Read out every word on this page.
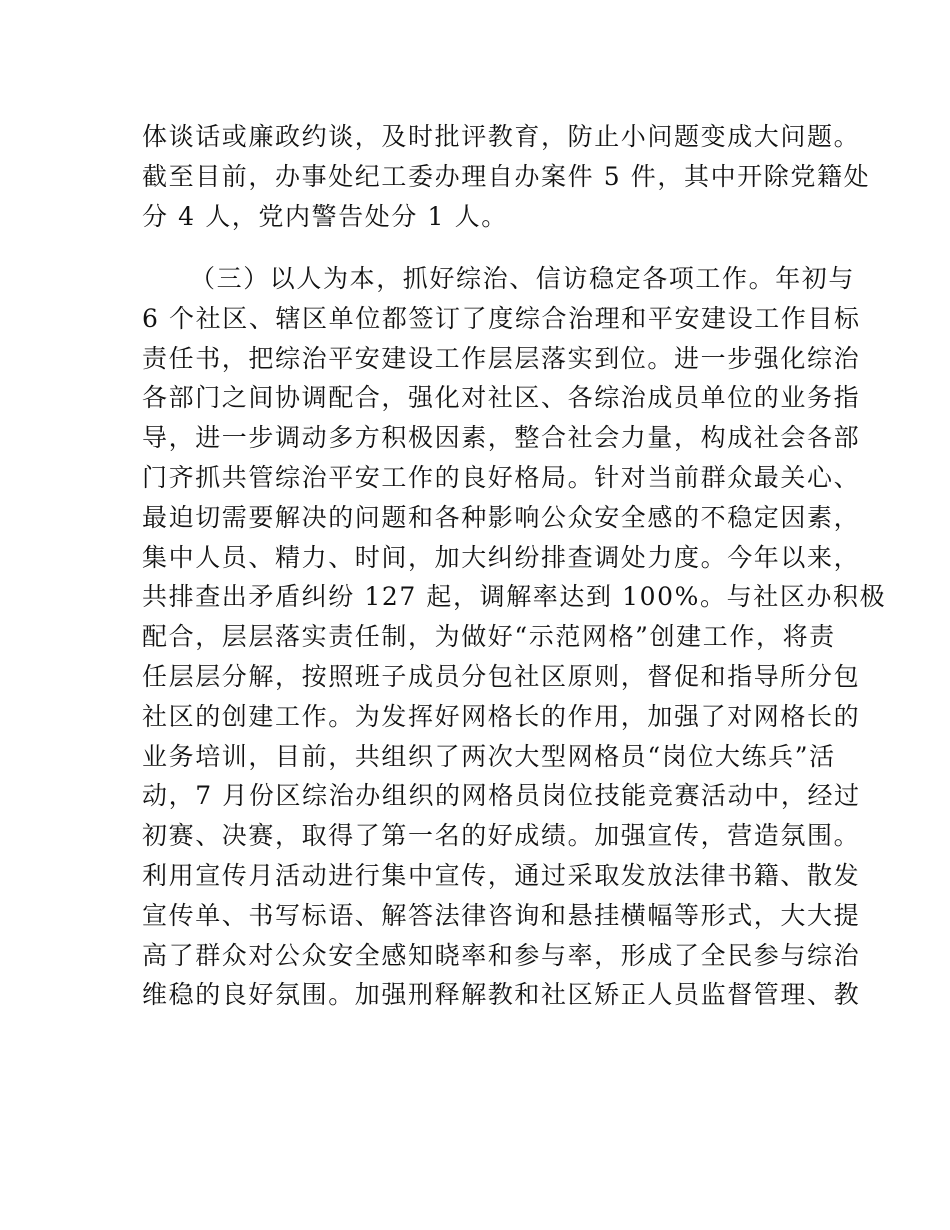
体谈话或廉政约谈，及时批评教育，防止小问题变成大问题。
截至目前，办事处纪工委办理自办案件 5 件，其中开除党籍处
分 4 人，党内警告处分 1 人。
（三）以人为本，抓好综治、信访稳定各项工作。年初与
6 个社区、辖区单位都签订了度综合治理和平安建设工作目标
责任书，把综治平安建设工作层层落实到位。进一步强化综治
各部门之间协调配合，强化对社区、各综治成员单位的业务指
导，进一步调动多方积极因素，整合社会力量，构成社会各部
门齐抓共管综治平安工作的良好格局。针对当前群众最关心、
最迫切需要解决的问题和各种影响公众安全感的不稳定因素，
集中人员、精力、时间，加大纠纷排查调处力度。今年以来，
共排查出矛盾纠纷 127 起，调解率达到 100%。与社区办积极
配合，层层落实责任制，为做好“示范网格”创建工作，将责
任层层分解，按照班子成员分包社区原则，督促和指导所分包
社区的创建工作。为发挥好网格长的作用，加强了对网格长的
业务培训，目前，共组织了两次大型网格员“岗位大练兵”活
动，7 月份区综治办组织的网格员岗位技能竞赛活动中，经过
初赛、决赛，取得了第一名的好成绩。加强宣传，营造氛围。
利用宣传月活动进行集中宣传，通过采取发放法律书籍、散发
宣传单、书写标语、解答法律咨询和悬挂横幅等形式，大大提
高了群众对公众安全感知晓率和参与率，形成了全民参与综治
维稳的良好氛围。加强刑释解教和社区矫正人员监督管理、教
